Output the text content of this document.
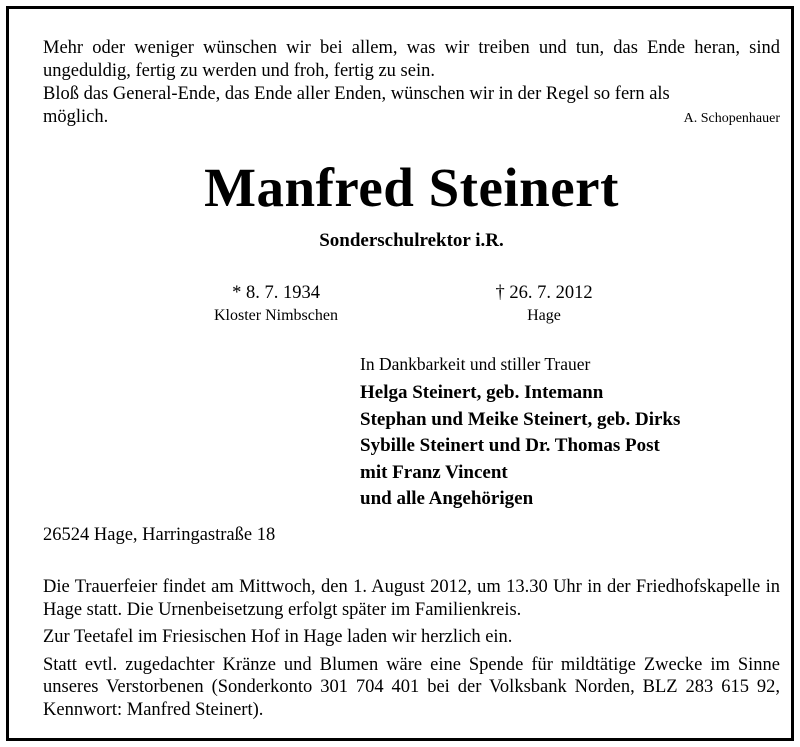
Mehr oder weniger wünschen wir bei allem, was wir treiben und tun, das Ende heran, sind ungeduldig, fertig zu werden und froh, fertig zu sein.

Bloß das General-Ende, das Ende aller Enden, wünschen wir in der Regel so fern als

möglich.	A. Schopenhauer
Manfred Steinert
Sonderschulrektor i.R.
* 8. 7. 1934
Kloster Nimbschen
† 26. 7. 2012
Hage
In Dankbarkeit und stiller Trauer
Helga Steinert, geb. Intemann
Stephan und Meike Steinert, geb. Dirks
Sybille Steinert und Dr. Thomas Post
mit Franz Vincent
und alle Angehörigen
26524 Hage, Harringastraße 18

Die Trauerfeier findet am Mittwoch, den 1. August 2012, um 13.30 Uhr in der Friedhofskapelle in Hage statt. Die Urnenbeisetzung erfolgt später im Familienkreis.

Zur Teetafel im Friesischen Hof in Hage laden wir herzlich ein.

Statt evtl. zugedachter Kränze und Blumen wäre eine Spende für mildtätige Zwecke im Sinne unseres Verstorbenen (Sonderkonto 301 704 401 bei der Volksbank Norden, BLZ 283 615 92, Kennwort: Manfred Steinert).
